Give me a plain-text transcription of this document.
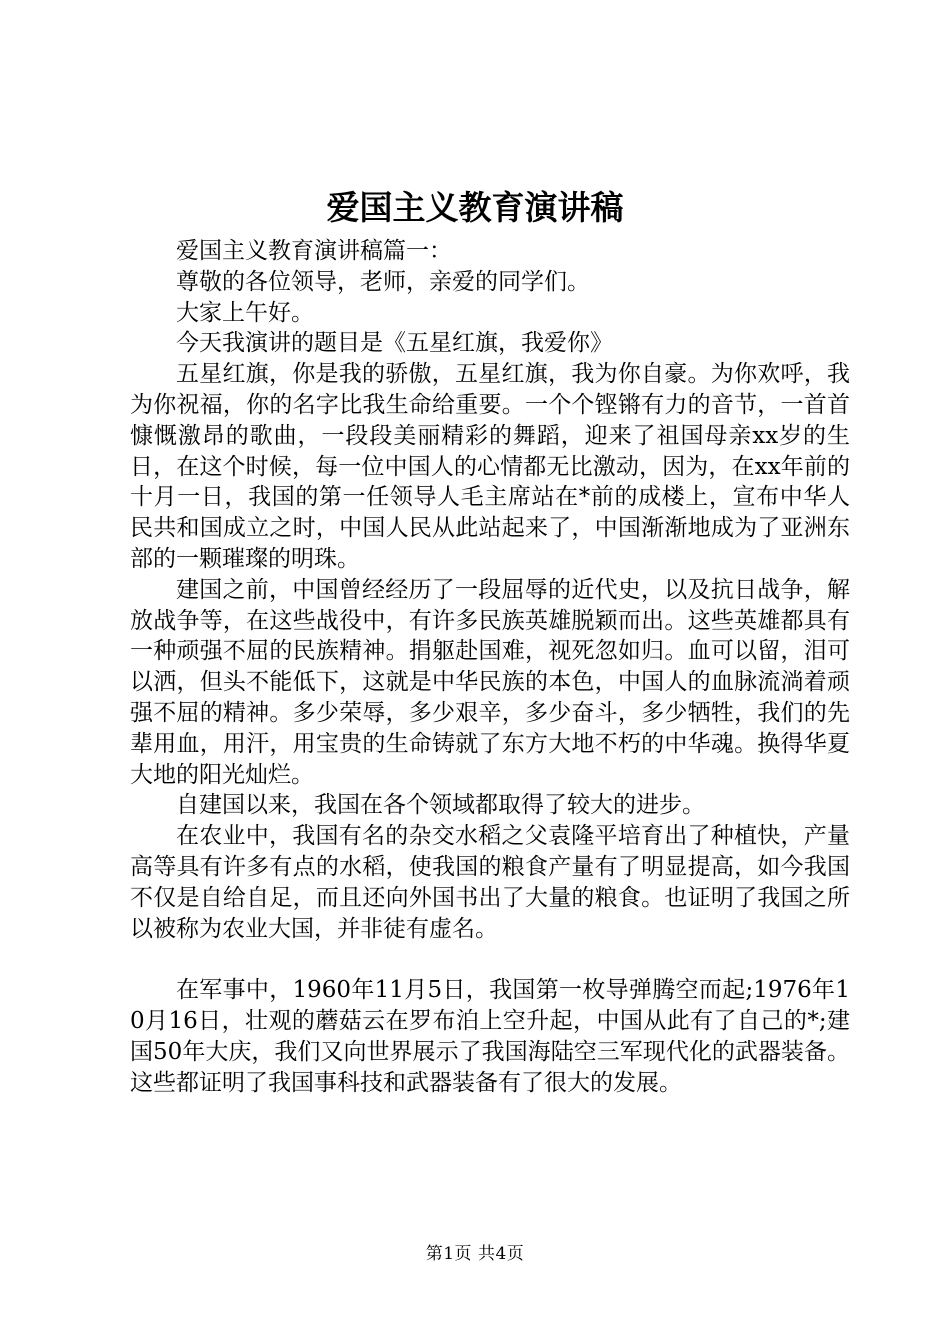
爱国主义教育演讲稿

爱国主义教育演讲稿篇一：

尊敬的各位领导，老师，亲爱的同学们。

大家上午好。

今天我演讲的题目是《五星红旗，我爱你》

五星红旗，你是我的骄傲，五星红旗，我为你自豪。为你欢呼，我为你祝福，你的名字比我生命给重要。一个个铿锵有力的音节，一首首慷慨激昂的歌曲，一段段美丽精彩的舞蹈，迎来了祖国母亲xx岁的生日，在这个时候，每一位中国人的心情都无比激动，因为，在xx年前的十月一日，我国的第一任领导人毛主席站在*前的成楼上，宣布中华人民共和国成立之时，中国人民从此站起来了，中国渐渐地成为了亚洲东部的一颗璀璨的明珠。

建国之前，中国曾经经历了一段屈辱的近代史，以及抗日战争，解放战争等，在这些战役中，有许多民族英雄脱颖而出。这些英雄都具有一种顽强不屈的民族精神。捐躯赴国难，视死忽如归。血可以留，泪可以洒，但头不能低下，这就是中华民族的本色，中国人的血脉流淌着顽强不屈的精神。多少荣辱，多少艰辛，多少奋斗，多少牺牲，我们的先辈用血，用汗，用宝贵的生命铸就了东方大地不朽的中华魂。换得华夏大地的阳光灿烂。

自建国以来，我国在各个领域都取得了较大的进步。

在农业中，我国有名的杂交水稻之父袁隆平培育出了种植快，产量高等具有许多有点的水稻，使我国的粮食产量有了明显提高，如今我国不仅是自给自足，而且还向外国书出了大量的粮食。也证明了我国之所以被称为农业大国，并非徒有虚名。

在军事中，1960年11月5日，我国第一枚导弹腾空而起;1976年10月16日，壮观的蘑菇云在罗布泊上空升起，中国从此有了自己的*;建国50年大庆，我们又向世界展示了我国海陆空三军现代化的武器装备。这些都证明了我国事科技和武器装备有了很大的发展。

第1页 共4页
